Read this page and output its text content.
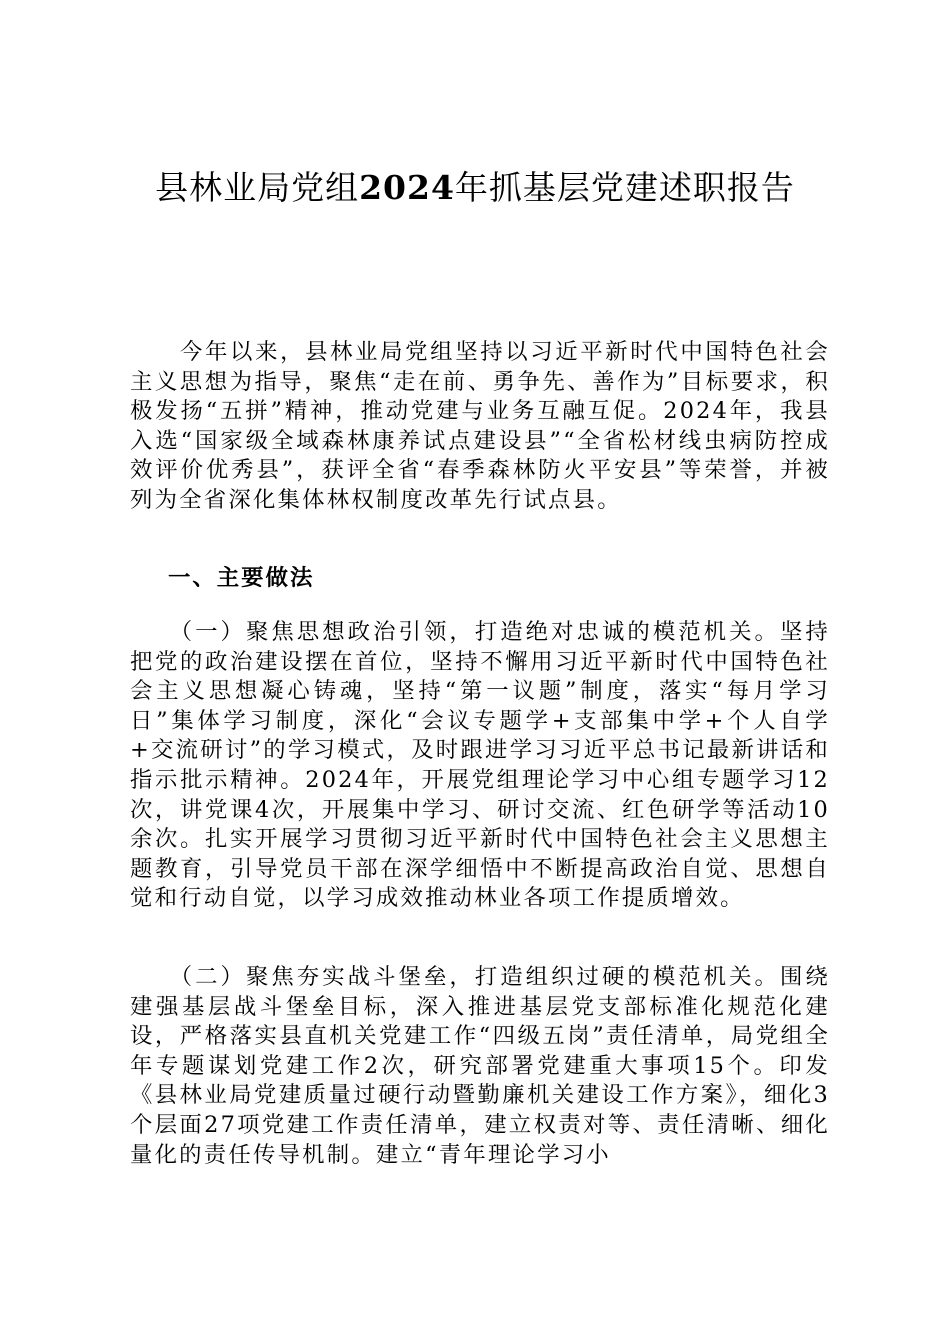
县林业局党组2024年抓基层党建述职报告

　　今年以来，县林业局党组坚持以习近平新时代中国特色社会主义思想为指导，聚焦“走在前、勇争先、善作为”目标要求，积极发扬“五拼”精神，推动党建与业务互融互促。2024年，我县入选“国家级全域森林康养试点建设县”“全省松材线虫病防控成效评价优秀县”，获评全省“春季森林防火平安县”等荣誉，并被列为全省深化集体林权制度改革先行试点县。

一、主要做法

　　（一）聚焦思想政治引领，打造绝对忠诚的模范机关。坚持把党的政治建设摆在首位，坚持不懈用习近平新时代中国特色社会主义思想凝心铸魂，坚持“第一议题”制度，落实“每月学习日”集体学习制度，深化“会议专题学+支部集中学+个人自学+交流研讨”的学习模式，及时跟进学习习近平总书记最新讲话和指示批示精神。2024年，开展党组理论学习中心组专题学习12次，讲党课4次，开展集中学习、研讨交流、红色研学等活动10余次。扎实开展学习贯彻习近平新时代中国特色社会主义思想主题教育，引导党员干部在深学细悟中不断提高政治自觉、思想自觉和行动自觉，以学习成效推动林业各项工作提质增效。

　　（二）聚焦夯实战斗堡垒，打造组织过硬的模范机关。围绕建强基层战斗堡垒目标，深入推进基层党支部标准化规范化建设，严格落实县直机关党建工作“四级五岗”责任清单，局党组全年专题谋划党建工作2次，研究部署党建重大事项15个。印发《县林业局党建质量过硬行动暨勤廉机关建设工作方案》，细化3个层面27项党建工作责任清单，建立权责对等、责任清晰、细化量化的责任传导机制。建立“青年理论学习小
